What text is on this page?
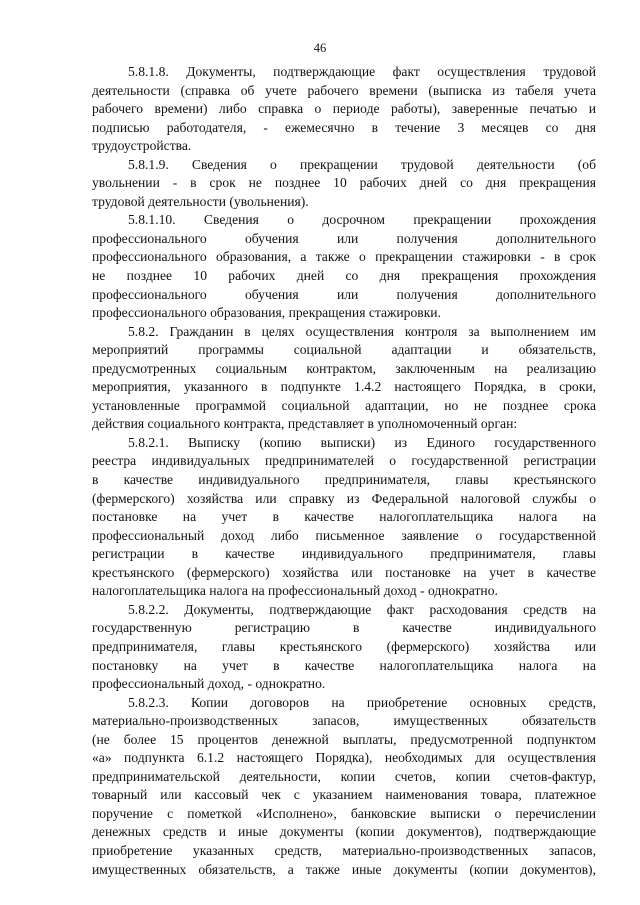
46
5.8.1.8. Документы, подтверждающие факт осуществления трудовой
деятельности (справка об учете рабочего времени (выписка из табеля учета
рабочего времени) либо справка о периоде работы), заверенные печатью и
подписью работодателя, - ежемесячно в течение 3 месяцев со дня
трудоустройства.
5.8.1.9. Сведения о прекращении трудовой деятельности (об
увольнении - в срок не позднее 10 рабочих дней со дня прекращения
трудовой деятельности (увольнения).
5.8.1.10. Сведения о досрочном прекращении прохождения
профессионального обучения или получения дополнительного
профессионального образования, а также о прекращении стажировки - в срок
не позднее 10 рабочих дней со дня прекращения прохождения
профессионального обучения или получения дополнительного
профессионального образования, прекращения стажировки.
5.8.2. Гражданин в целях осуществления контроля за выполнением им
мероприятий программы социальной адаптации и обязательств,
предусмотренных социальным контрактом, заключенным на реализацию
мероприятия, указанного в подпункте 1.4.2 настоящего Порядка, в сроки,
установленные программой социальной адаптации, но не позднее срока
действия социального контракта, представляет в уполномоченный орган:
5.8.2.1. Выписку (копию выписки) из Единого государственного
реестра индивидуальных предпринимателей о государственной регистрации
в качестве индивидуального предпринимателя, главы крестьянского
(фермерского) хозяйства или справку из Федеральной налоговой службы о
постановке на учет в качестве налогоплательщика налога на
профессиональный доход либо письменное заявление о государственной
регистрации в качестве индивидуального предпринимателя, главы
крестьянского (фермерского) хозяйства или постановке на учет в качестве
налогоплательщика налога на профессиональный доход - однократно.
5.8.2.2. Документы, подтверждающие факт расходования средств на
государственную регистрацию в качестве индивидуального
предпринимателя, главы крестьянского (фермерского) хозяйства или
постановку на учет в качестве налогоплательщика налога на
профессиональный доход, - однократно.
5.8.2.3. Копии договоров на приобретение основных средств,
материально-производственных запасов, имущественных обязательств
(не более 15 процентов денежной выплаты, предусмотренной подпунктом
«а» подпункта 6.1.2 настоящего Порядка), необходимых для осуществления
предпринимательской деятельности, копии счетов, копии счетов-фактур,
товарный или кассовый чек с указанием наименования товара, платежное
поручение с пометкой «Исполнено», банковские выписки о перечислении
денежных средств и иные документы (копии документов), подтверждающие
приобретение указанных средств, материально-производственных запасов,
имущественных обязательств, а также иные документы (копии документов),
